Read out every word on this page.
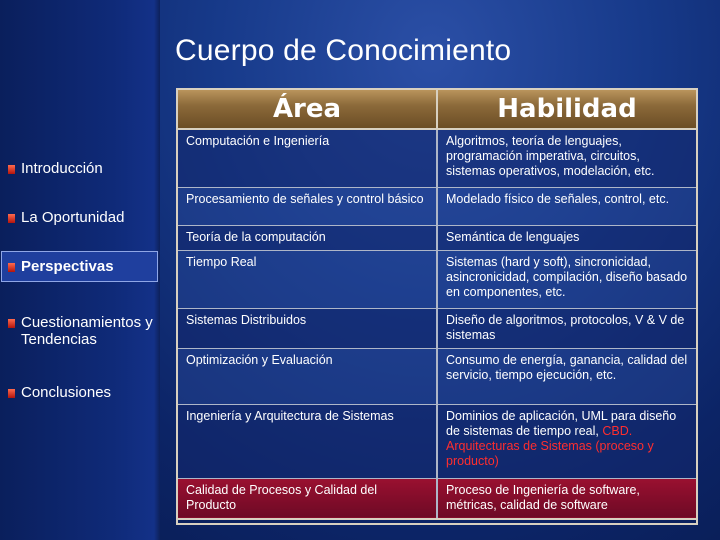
Cuerpo de Conocimiento
Introducción
La Oportunidad
Perspectivas
Cuestionamientos y Tendencias
Conclusiones
Área	Habilidad
Computación e Ingeniería	Algoritmos, teoría de lenguajes, programación imperativa, circuitos, sistemas operativos, modelación, etc.
Procesamiento de señales y control básico	Modelado físico de señales, control, etc.
Teoría de la computación	Semántica de lenguajes
Tiempo Real	Sistemas (hard y soft), sincronicidad, asincronicidad, compilación, diseño basado en componentes, etc.
Sistemas Distribuidos	Diseño de algoritmos, protocolos, V & V de sistemas
Optimización y Evaluación	Consumo de energía, ganancia, calidad del servicio, tiempo ejecución, etc.
Ingeniería y Arquitectura de Sistemas	Dominios de aplicación, UML para diseño de sistemas de tiempo real, CBD. Arquitecturas de Sistemas (proceso y producto)
Calidad de Procesos y Calidad del Producto	Proceso de Ingeniería de software, métricas, calidad de software
